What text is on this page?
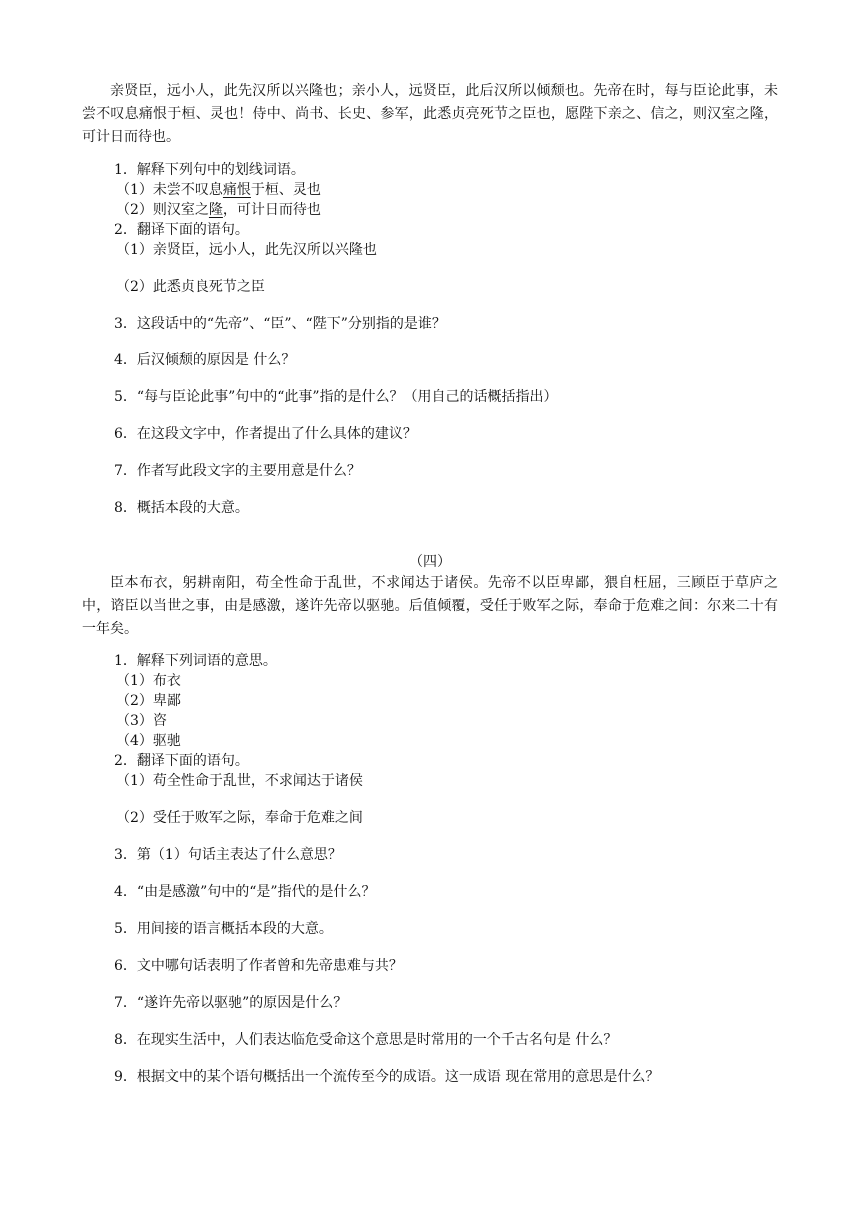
亲贤臣，远小人，此先汉所以兴隆也；亲小人，远贤臣，此后汉所以倾颓也。先帝在时，每与臣论此事，未尝不叹息痛恨于桓、灵也！侍中、尚书、长史、参军，此悉贞亮死节之臣也，愿陛下亲之、信之，则汉室之隆，可计日而待也。

1．解释下列句中的划线词语。

（1）未尝不叹息痛恨于桓、灵也

（2）则汉室之隆，可计日而待也

2．翻译下面的语句。

（1）亲贤臣，远小人，此先汉所以兴隆也

（2）此悉贞良死节之臣

3．这段话中的“先帝”、“臣”、“陛下”分别指的是谁？

4．后汉倾颓的原因是 什么？

5．“每与臣论此事”句中的“此事”指的是什么？（用自己的话概括指出）

6．在这段文字中，作者提出了什么具体的建议？

7．作者写此段文字的主要用意是什么？

8．概括本段的大意。

（四）

臣本布衣，躬耕南阳，苟全性命于乱世，不求闻达于诸侯。先帝不以臣卑鄙，猥自枉屈，三顾臣于草庐之中，谘臣以当世之事，由是感激，遂许先帝以驱驰。后值倾覆，受任于败军之际，奉命于危难之间：尔来二十有一年矣。

1．解释下列词语的意思。

（1）布衣

（2）卑鄙

（3）咨

（4）驱驰

2．翻译下面的语句。

（1）苟全性命于乱世，不求闻达于诸侯

（2）受任于败军之际，奉命于危难之间

3．第（1）句话主表达了什么意思？

4．“由是感激”句中的“是”指代的是什么？

5．用间接的语言概括本段的大意。

6．文中哪句话表明了作者曾和先帝患难与共？

7．“遂许先帝以驱驰”的原因是什么？

8．在现实生活中，人们表达临危受命这个意思是时常用的一个千古名句是 什么？

9．根据文中的某个语句概括出一个流传至今的成语。这一成语 现在常用的意思是什么？
